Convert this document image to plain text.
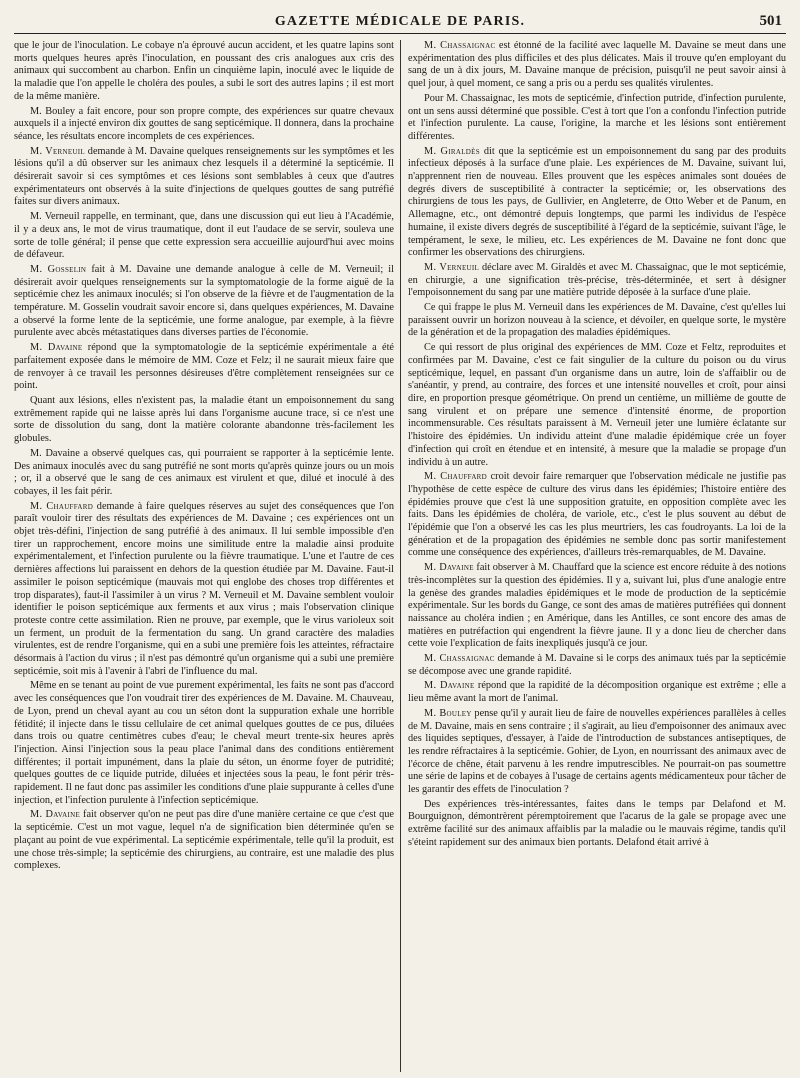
GAZETTE MÉDICALE DE PARIS.	501

que le jour de l'inoculation. Le cobaye n'a éprouvé aucun accident, et les quatre lapins sont morts quelques heures après l'inoculation, en poussant des cris analogues aux cris des animaux qui succombent au charbon. Enfin un cinquième lapin, inoculé avec le liquide de la maladie que l'on appelle le choléra des poules, a subi le sort des autres lapins ; il est mort de la même manière.

M. Bouley a fait encore, pour son propre compte, des expériences sur quatre chevaux auxquels il a injecté environ dix gouttes de sang septicémique. Il donnera, dans la prochaine séance, les résultats encore incomplets de ces expériences.

M. Verneuil demande à M. Davaine quelques renseignements sur les symptômes et les lésions qu'il a dû observer sur les animaux chez lesquels il a déterminé la septicémie. Il désirerait savoir si ces symptômes et ces lésions sont semblables à ceux que d'autres expérimentateurs ont observés à la suite d'injections de quelques gouttes de sang putréfié faites sur divers animaux.

M. Verneuil rappelle, en terminant, que, dans une discussion qui eut lieu à l'Académie, il y a deux ans, le mot de virus traumatique, dont il eut l'audace de se servir, souleva une sorte de tolle général; il pense que cette expression sera accueillie aujourd'hui avec moins de défaveur.

M. Gosselin fait à M. Davaine une demande analogue à celle de M. Verneuil; il désirerait avoir quelques renseignements sur la symptomatologie de la forme aiguë de la septicémie chez les animaux inoculés; si l'on observe de la fièvre et de l'augmentation de la température. M. Gosselin voudrait savoir encore si, dans quelques expériences, M. Davaine a observé la forme lente de la septicémie, une forme analogue, par exemple, à la fièvre purulente avec abcès métastatiques dans diverses parties de l'économie.

M. Davaine répond que la symptomatologie de la septicémie expérimentale a été parfaitement exposée dans le mémoire de MM. Coze et Felz; il ne saurait mieux faire que de renvoyer à ce travail les personnes désireuses d'être complètement renseignées sur ce point.

Quant aux lésions, elles n'existent pas, la maladie étant un empoisonnement du sang extrêmement rapide qui ne laisse après lui dans l'organisme aucune trace, si ce n'est une sorte de dissolution du sang, dont la matière colorante abandonne très-facilement les globules.

M. Davaine a observé quelques cas, qui pourraient se rapporter à la septicémie lente. Des animaux inoculés avec du sang putréfié ne sont morts qu'après quinze jours ou un mois ; or, il a observé que le sang de ces animaux est virulent et que, dilué et inoculé à des cobayes, il les fait périr.

M. Chauffard demande à faire quelques réserves au sujet des conséquences que l'on paraît vouloir tirer des résultats des expériences de M. Davaine ; ces expériences ont un objet très-défini, l'injection de sang putréfié à des animaux. Il lui semble impossible d'en tirer un rapprochement, encore moins une similitude entre la maladie ainsi produite expérimentalement, et l'infection purulente ou la fièvre traumatique. L'une et l'autre de ces dernières affections lui paraissent en dehors de la question étudiée par M. Davaine. Faut-il assimiler le poison septicémique (mauvais mot qui englobe des choses trop différentes et trop disparates), faut-il l'assimiler à un virus ? M. Verneuil et M. Davaine semblent vouloir identifier le poison septicémique aux ferments et aux virus ; mais l'observation clinique proteste contre cette assimilation. Rien ne prouve, par exemple, que le virus varioleux soit un ferment, un produit de la fermentation du sang. Un grand caractère des maladies virulentes, est de rendre l'organisme, qui en a subi une première fois les atteintes, réfractaire désormais à l'action du virus ; il n'est pas démontré qu'un organisme qui a subi une première septicémie, soit mis à l'avenir à l'abri de l'influence du mal.

Même en se tenant au point de vue purement expérimental, les faits ne sont pas d'accord avec les conséquences que l'on voudrait tirer des expériences de M. Davaine. M. Chauveau, de Lyon, prend un cheval ayant au cou un séton dont la suppuration exhale une horrible fétidité; il injecte dans le tissu cellulaire de cet animal quelques gouttes de ce pus, diluées dans trois ou quatre centimètres cubes d'eau; le cheval meurt trente-six heures après l'injection. Ainsi l'injection sous la peau place l'animal dans des conditions entièrement différentes; il portait impunément, dans la plaie du séton, un énorme foyer de putridité; quelques gouttes de ce liquide putride, diluées et injectées sous la peau, le font périr très-rapidement. Il ne faut donc pas assimiler les conditions d'une plaie suppurante à celles d'une injection, et l'infection purulente à l'infection septicémique.

M. Davaine fait observer qu'on ne peut pas dire d'une manière certaine ce que c'est que la septicémie. C'est un mot vague, lequel n'a de signification bien déterminée qu'en se plaçant au point de vue expérimental. La septicémie expérimentale, telle qu'il la produit, est une chose très-simple; la septicémie des chirurgiens, au contraire, est une maladie des plus complexes.

M. Chassaignac est étonné de la facilité avec laquelle M. Davaine se meut dans une expérimentation des plus difficiles et des plus délicates. Mais il trouve qu'en employant du sang de un à dix jours, M. Davaine manque de précision, puisqu'il ne peut savoir ainsi à quel jour, à quel moment, ce sang a pris ou a perdu ses qualités virulentes.

Pour M. Chassaignac, les mots de septicémie, d'infection putride, d'infection purulente, ont un sens aussi déterminé que possible. C'est à tort que l'on a confondu l'infection putride et l'infection purulente. La cause, l'origine, la marche et les lésions sont entièrement différentes.

M. Giraldès dit que la septicémie est un empoisonnement du sang par des produits infectieux déposés à la surface d'une plaie. Les expériences de M. Davaine, suivant lui, n'apprennent rien de nouveau. Elles prouvent que les espèces animales sont douées de degrés divers de susceptibilité à contracter la septicémie; or, les observations des chirurgiens de tous les pays, de Gullivier, en Angleterre, de Otto Weber et de Panum, en Allemagne, etc., ont démontré depuis longtemps, que parmi les individus de l'espèce humaine, il existe divers degrés de susceptibilité à l'égard de la septicémie, suivant l'âge, le tempérament, le sexe, le milieu, etc. Les expériences de M. Davaine ne font donc que confirmer les observations des chirurgiens.

M. Verneuil déclare avec M. Giraldès et avec M. Chassaignac, que le mot septicémie, en chirurgie, a une signification très-précise, très-déterminée, et sert à désigner l'empoisonnement du sang par une matière putride déposée à la surface d'une plaie.

Ce qui frappe le plus M. Verneuil dans les expériences de M. Davaine, c'est qu'elles lui paraissent ouvrir un horizon nouveau à la science, et dévoiler, en quelque sorte, le mystère de la génération et de la propagation des maladies épidémiques.

Ce qui ressort de plus original des expériences de MM. Coze et Feltz, reproduites et confirmées par M. Davaine, c'est ce fait singulier de la culture du poison ou du virus septicémique, lequel, en passant d'un organisme dans un autre, loin de s'affaiblir ou de s'anéantir, y prend, au contraire, des forces et une intensité nouvelles et croît, pour ainsi dire, en proportion presque géométrique. On prend un centième, un millième de goutte de sang virulent et on prépare une semence d'intensité énorme, de proportion incommensurable. Ces résultats paraissent à M. Verneuil jeter une lumière éclatante sur l'histoire des épidémies. Un individu atteint d'une maladie épidémique crée un foyer d'infection qui croît en étendue et en intensité, à mesure que la maladie se propage d'un individu à un autre.

M. Chauffard croit devoir faire remarquer que l'observation médicale ne justifie pas l'hypothèse de cette espèce de culture des virus dans les épidémies; l'histoire entière des épidémies prouve que c'est là une supposition gratuite, en opposition complète avec les faits. Dans les épidémies de choléra, de variole, etc., c'est le plus souvent au début de l'épidémie que l'on a observé les cas les plus meurtriers, les cas foudroyants. La loi de la génération et de la propagation des épidémies ne semble donc pas sortir manifestement comme une conséquence des expériences, d'ailleurs très-remarquables, de M. Davaine.

M. Davaine fait observer à M. Chauffard que la science est encore réduite à des notions très-incomplètes sur la question des épidémies. Il y a, suivant lui, plus d'une analogie entre la genèse des grandes maladies épidémiques et le mode de production de la septicémie expérimentale. Sur les bords du Gange, ce sont des amas de matières putréfiées qui donnent naissance au choléra indien ; en Amérique, dans les Antilles, ce sont encore des amas de matières en putréfaction qui engendrent la fièvre jaune. Il y a donc lieu de chercher dans cette voie l'explication de faits inexpliqués jusqu'à ce jour.

M. Chassaignac demande à M. Davaine si le corps des animaux tués par la septicémie se décompose avec une grande rapidité.

M. Davaine répond que la rapidité de la décomposition organique est extrême ; elle a lieu même avant la mort de l'animal.

M. Bouley pense qu'il y aurait lieu de faire de nouvelles expériences parallèles à celles de M. Davaine, mais en sens contraire ; il s'agirait, au lieu d'empoisonner des animaux avec des liquides septiques, d'essayer, à l'aide de l'introduction de substances antiseptiques, de les rendre réfractaires à la septicémie. Gohier, de Lyon, en nourrissant des animaux avec de l'écorce de chêne, était parvenu à les rendre imputrescibles. Ne pourrait-on pas soumettre une série de lapins et de cobayes à l'usage de certains agents médicamenteux pour tâcher de les garantir des effets de l'inoculation ?

Des expériences très-intéressantes, faites dans le temps par Delafond et M. Bourguignon, démontrèrent péremptoirement que l'acarus de la gale se propage avec une extrême facilité sur des animaux affaiblis par la maladie ou le mauvais régime, tandis qu'il s'éteint rapidement sur des animaux bien portants. Delafond était arrivé à
